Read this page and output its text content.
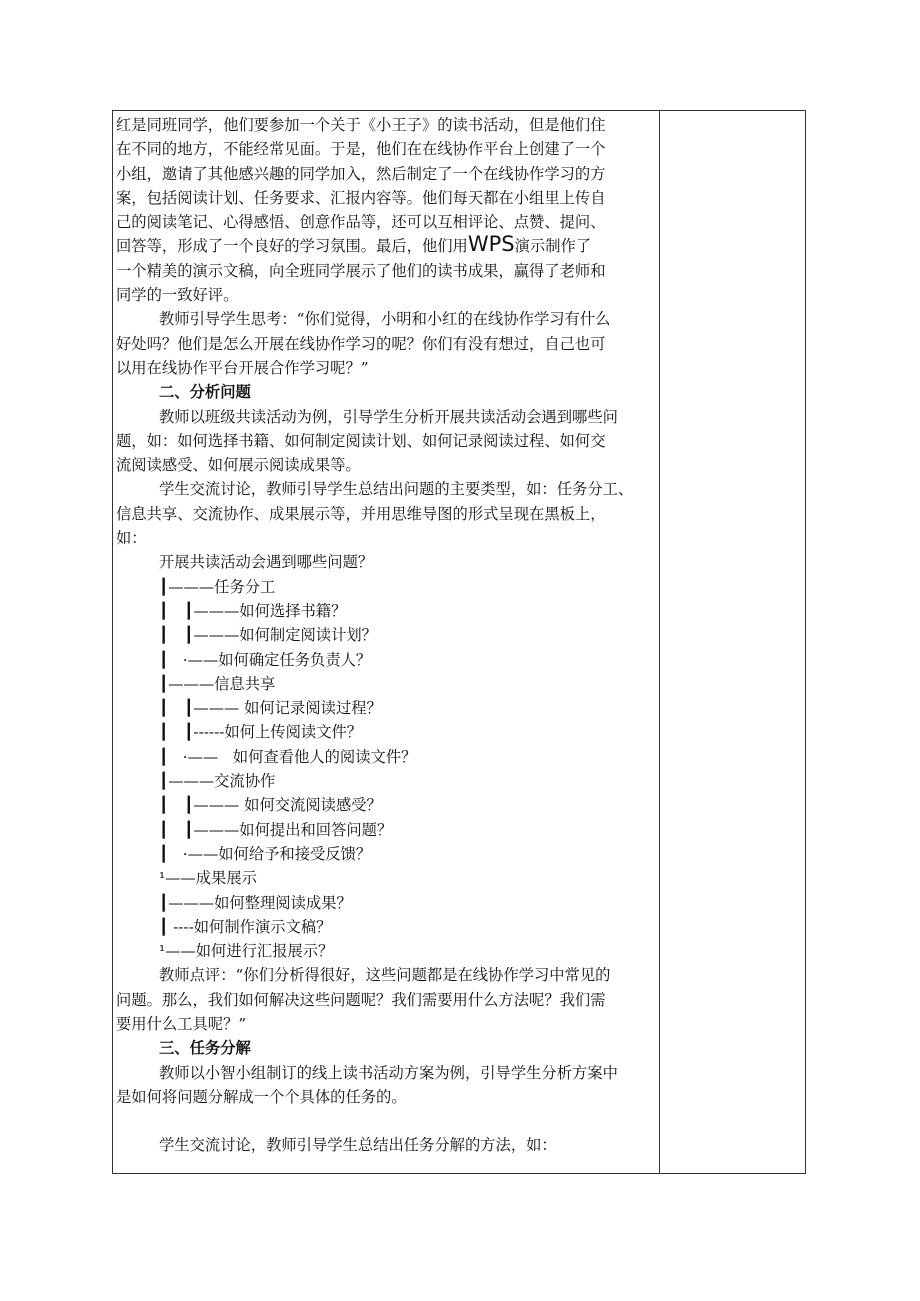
红是同班同学，他们要参加一个关于《小王子》的读书活动，但是他们住
在不同的地方，不能经常见面。于是，他们在在线协作平台上创建了一个
小组，邀请了其他感兴趣的同学加入，然后制定了一个在线协作学习的方
案，包括阅读计划、任务要求、汇报内容等。他们每天都在小组里上传自
己的阅读笔记、心得感悟、创意作品等，还可以互相评论、点赞、提问、
回答等，形成了一个良好的学习氛围。最后，他们用WPS演示制作了
一个精美的演示文稿，向全班同学展示了他们的读书成果，赢得了老师和
同学的一致好评。
教师引导学生思考：“你们觉得，小明和小红的在线协作学习有什么
好处吗？他们是怎么开展在线协作学习的呢？你们有没有想过，自己也可
以用在线协作平台开展合作学习呢？”
二、分析问题
教师以班级共读活动为例，引导学生分析开展共读活动会遇到哪些问
题，如：如何选择书籍、如何制定阅读计划、如何记录阅读过程、如何交
流阅读感受、如何展示阅读成果等。
学生交流讨论，教师引导学生总结出问题的主要类型，如：任务分工、
信息共享、交流协作、成果展示等，并用思维导图的形式呈现在黑板上，
如：
开展共读活动会遇到哪些问题？
┃———任务分工
┃   ┃———如何选择书籍？
┃   ┃———如何制定阅读计划？
┃   ·——如何确定任务负责人？
┃———信息共享
┃   ┃——— 如何记录阅读过程？
┃   ┃------如何上传阅读文件？
┃   ·——   如何查看他人的阅读文件？
┃———交流协作
┃   ┃——— 如何交流阅读感受？
┃   ┃———如何提出和回答问题？
┃   ·——如何给予和接受反馈？
¹——成果展示
┃———如何整理阅读成果？
┃ ----如何制作演示文稿？
¹——如何进行汇报展示？
教师点评：“你们分析得很好，这些问题都是在线协作学习中常见的
问题。那么，我们如何解决这些问题呢？我们需要用什么方法呢？我们需
要用什么工具呢？”
三、任务分解
教师以小智小组制订的线上读书活动方案为例，引导学生分析方案中
是如何将问题分解成一个个具体的任务的。
学生交流讨论，教师引导学生总结出任务分解的方法，如：
